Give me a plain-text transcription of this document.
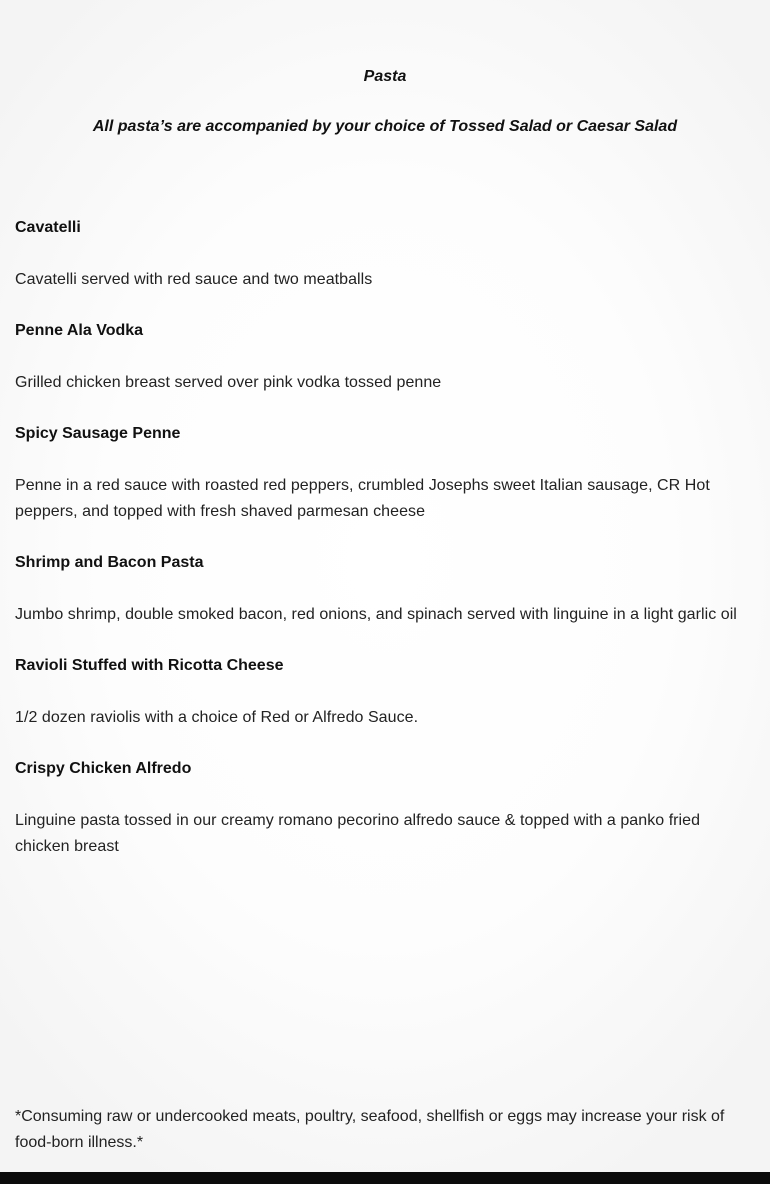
Pasta
All pasta’s are accompanied by your choice of Tossed Salad or Caesar Salad

Cavatelli

Cavatelli served with red sauce and two meatballs

Penne Ala Vodka

Grilled chicken breast served over pink vodka tossed penne

Spicy Sausage Penne

Penne in a red sauce with roasted red peppers, crumbled Josephs sweet Italian sausage, CR Hot peppers, and topped with fresh shaved parmesan cheese

Shrimp and Bacon Pasta

Jumbo shrimp, double smoked bacon, red onions, and spinach served with linguine in a light garlic oil

Ravioli Stuffed with Ricotta Cheese

1/2 dozen raviolis with a choice of Red or Alfredo Sauce.

Crispy Chicken Alfredo

Linguine pasta tossed in our creamy romano pecorino alfredo sauce & topped with a panko fried chicken breast

*Consuming raw or undercooked meats, poultry, seafood, shellfish or eggs may increase your risk of food-born illness.*
